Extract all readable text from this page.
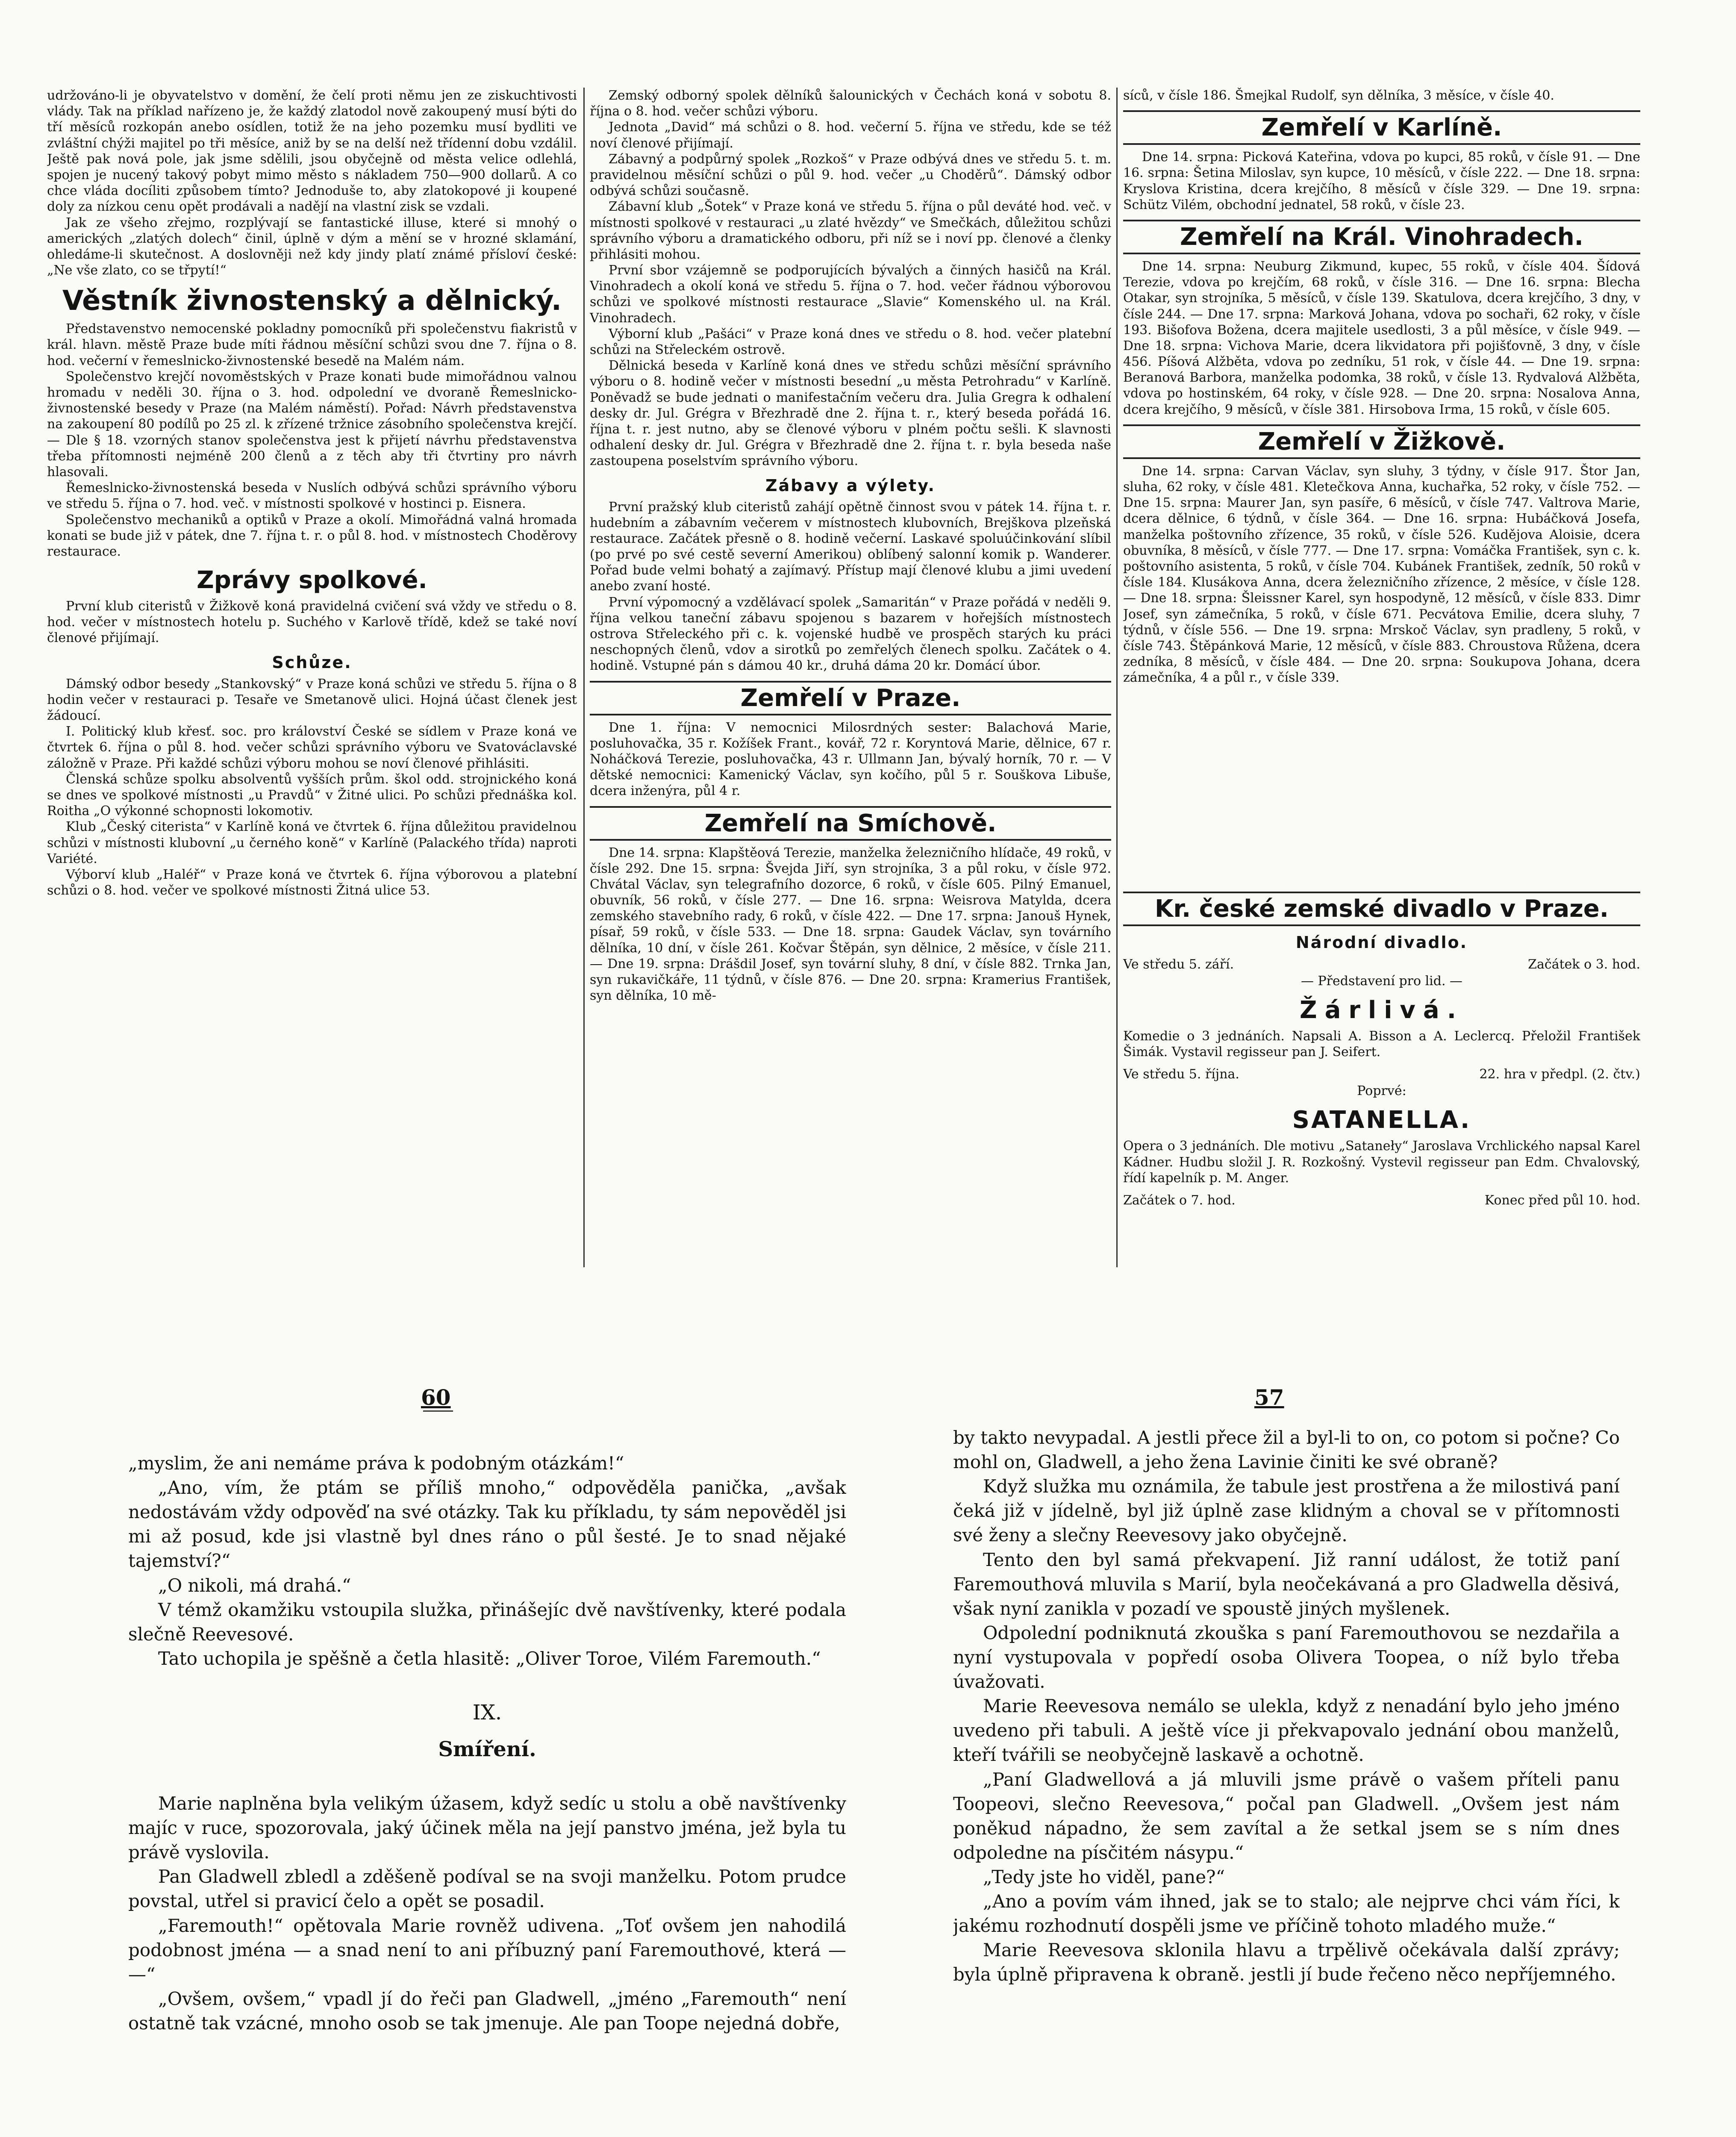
udržováno-li je obyvatelstvo v domění, že čelí proti němu jen ze ziskuchtivosti vlády. Tak na příklad nařízeno je, že každý zlatodol nově zakoupený musí býti do tří měsíců rozkopán anebo osídlen, totiž že na jeho pozemku musí bydliti ve zvláštní chýži majitel po tři měsíce, aniž by se na delší než třídenní dobu vzdálil. Ještě pak nová pole, jak jsme sdělili, jsou obyčejně od města velice odlehlá, spojen je nucený takový pobyt mimo město s nákladem 750—900 dollarů. A co chce vláda docíliti způsobem tímto? Jednoduše to, aby zlatokopové ji koupené doly za nízkou cenu opět prodávali a nadějí na vlastní zisk se vzdali.

Jak ze všeho zřejmo, rozplývají se fantastické illuse, které si mnohý o amerických „zlatých dolech“ činil, úplně v dým a mění se v hrozné sklamání, ohledáme-li skutečnost. A doslovněji než kdy jindy platí známé přísloví české: „Ne vše zlato, co se třpytí!“

Věstník živnostenský a dělnický.

Představenstvo nemocenské pokladny pomocníků při společenstvu fiakristů v král. hlavn. městě Praze bude míti řádnou měsíční schůzi svou dne 7. října o 8. hod. večerní v řemeslnicko-živnostenské besedě na Malém nám.

Společenstvo krejčí novoměstských v Praze konati bude mimořádnou valnou hromadu v neděli 30. října o 3. hod. odpolední ve dvoraně Řemeslnicko-živnostenské besedy v Praze (na Malém náměstí). Pořad: Návrh představenstva na zakoupení 80 podílů po 25 zl. k zřízené tržnice zásobního společenstva krejčí. — Dle § 18. vzorných stanov společenstva jest k přijetí návrhu představenstva třeba přítomnosti nejméně 200 členů a z těch aby tři čtvrtiny pro návrh hlasovali.

Řemeslnicko-živnostenská beseda v Nuslích odbývá schůzi správního výboru ve středu 5. října o 7. hod. več. v místnosti spolkové v hostinci p. Eisnera.

Společenstvo mechaniků a optiků v Praze a okolí. Mimořádná valná hromada konati se bude již v pátek, dne 7. října t. r. o půl 8. hod. v místnostech Choděrovy restaurace.

Zprávy spolkové.

První klub citeristů v Žižkově koná pravidelná cvičení svá vždy ve středu o 8. hod. večer v místnostech hotelu p. Suchého v Karlově třídě, kdež se také noví členové přijímají.

Schůze.

Dámský odbor besedy „Stankovský“ v Praze koná schůzi ve středu 5. října o 8 hodin večer v restauraci p. Tesaře ve Smetanově ulici. Hojná účast členek jest žádoucí.

I. Politický klub křesť. soc. pro království České se sídlem v Praze koná ve čtvrtek 6. října o půl 8. hod. večer schůzi správního výboru ve Svatováclavské záložně v Praze. Při každé schůzi výboru mohou se noví členové přihlásiti.

Členská schůze spolku absolventů vyšších prům. škol odd. strojnického koná se dnes ve spolkové místnosti „u Pravdů“ v Žitné ulici. Po schůzi přednáška kol. Roitha „O výkonné schopnosti lokomotiv.

Klub „Český citerista“ v Karlíně koná ve čtvrtek 6. října důležitou pravidelnou schůzi v místnosti klubovní „u černého koně“ v Karlíně (Palackého třída) naproti Variété.

Výborví klub „Haléř“ v Praze koná ve čtvrtek 6. října výborovou a platební schůzi o 8. hod. večer ve spolkové místnosti Žitná ulice 53.

Zemský odborný spolek dělníků šalounických v Čechách koná v sobotu 8. října o 8. hod. večer schůzi výboru.

Jednota „David“ má schůzi o 8. hod. večerní 5. října ve středu, kde se též noví členové přijímají.

Zábavný a podpůrný spolek „Rozkoš“ v Praze odbývá dnes ve středu 5. t. m. pravidelnou měsíční schůzi o půl 9. hod. večer „u Choděrů“. Dámský odbor odbývá schůzi současně.

Zábavní klub „Šotek“ v Praze koná ve středu 5. října o půl deváté hod. več. v místnosti spolkové v restauraci „u zlaté hvězdy“ ve Smečkách, důležitou schůzi správního výboru a dramatického odboru, při níž se i noví pp. členové a členky přihlásiti mohou.

První sbor vzájemně se podporujících bývalých a činných hasičů na Král. Vinohradech a okolí koná ve středu 5. října o 7. hod. večer řádnou výborovou schůzi ve spolkové místnosti restaurace „Slavie“ Komenského ul. na Král. Vinohradech.

Výborní klub „Pašáci“ v Praze koná dnes ve středu o 8. hod. večer platební schůzi na Střeleckém ostrově.

Dělnická beseda v Karlíně koná dnes ve středu schůzi měsíční správního výboru o 8. hodině večer v místnosti besední „u města Petrohradu“ v Karlíně. Poněvadž se bude jednati o manifestačním večeru dra. Julia Gregra k odhalení desky dr. Jul. Grégra v Březhradě dne 2. října t. r., který beseda pořádá 16. října t. r. jest nutno, aby se členové výboru v plném počtu sešli. K slavnosti odhalení desky dr. Jul. Grégra v Březhradě dne 2. října t. r. byla beseda naše zastoupena poselstvím správního výboru.

Zábavy a výlety.

První pražský klub citeristů zahájí opětně činnost svou v pátek 14. října t. r. hudebním a zábavním večerem v místnostech klubovních, Brejškova plzeňská restaurace. Začátek přesně o 8. hodině večerní. Laskavé spoluúčinkování slíbil (po prvé po své cestě severní Amerikou) oblíbený salonní komik p. Wanderer. Pořad bude velmi bohatý a zajímavý. Přístup mají členové klubu a jimi uvedení anebo zvaní hosté.

První výpomocný a vzdělávací spolek „Samaritán“ v Praze pořádá v neděli 9. října velkou taneční zábavu spojenou s bazarem v hořejších místnostech ostrova Střeleckého při c. k. vojenské hudbě ve prospěch starých ku práci neschopných členů, vdov a sirotků po zemřelých členech spolku. Začátek o 4. hodině. Vstupné pán s dámou 40 kr., druhá dáma 20 kr. Domácí úbor.

Zemřelí v Praze.

Dne 1. října: V nemocnici Milosrdných sester: Balachová Marie, posluhovačka, 35 r. Kožíšek Frant., kovář, 72 r. Koryntová Marie, dělnice, 67 r. Noháčková Terezie, posluhovačka, 43 r. Ullmann Jan, bývalý horník, 70 r. — V dětské nemocnici: Kamenický Václav, syn kočího, půl 5 r. Souškova Libuše, dcera inženýra, půl 4 r.

Zemřelí na Smíchově.

Dne 14. srpna: Klapštěová Terezie, manželka železničního hlídače, 49 roků, v čísle 292. Dne 15. srpna: Švejda Jiří, syn strojníka, 3 a půl roku, v čísle 972. Chvátal Václav, syn telegrafního dozorce, 6 roků, v čísle 605. Pilný Emanuel, obuvník, 56 roků, v čísle 277. — Dne 16. srpna: Weisrova Matylda, dcera zemského stavebního rady, 6 roků, v čísle 422. — Dne 17. srpna: Janouš Hynek, písař, 59 roků, v čísle 533. — Dne 18. srpna: Gaudek Václav, syn továrního dělníka, 10 dní, v čísle 261. Kočvar Štěpán, syn dělnice, 2 měsíce, v čísle 211. — Dne 19. srpna: Drášdil Josef, syn tovární sluhy, 8 dní, v čísle 882. Trnka Jan, syn rukavičkáře, 11 týdnů, v čísle 876. — Dne 20. srpna: Kramerius František, syn dělníka, 10 mě-

síců, v čísle 186. Šmejkal Rudolf, syn dělníka, 3 měsíce, v čísle 40.

Zemřelí v Karlíně.

Dne 14. srpna: Picková Kateřina, vdova po kupci, 85 roků, v čísle 91. — Dne 16. srpna: Šetina Miloslav, syn kupce, 10 měsíců, v čísle 222. — Dne 18. srpna: Kryslova Kristina, dcera krejčího, 8 měsíců v čísle 329. — Dne 19. srpna: Schütz Vilém, obchodní jednatel, 58 roků, v čísle 23.

Zemřelí na Král. Vinohradech.

Dne 14. srpna: Neuburg Zikmund, kupec, 55 roků, v čísle 404. Šídová Terezie, vdova po krejčím, 68 roků, v čísle 316. — Dne 16. srpna: Blecha Otakar, syn strojníka, 5 měsíců, v čísle 139. Skatulova, dcera krejčího, 3 dny, v čísle 244. — Dne 17. srpna: Marková Johana, vdova po sochaři, 62 roky, v čísle 193. Bišofova Božena, dcera majitele usedlosti, 3 a půl měsíce, v čísle 949. — Dne 18. srpna: Vichova Marie, dcera likvidatora při pojišťovně, 3 dny, v čísle 456. Píšová Alžběta, vdova po zedníku, 51 rok, v čísle 44. — Dne 19. srpna: Beranová Barbora, manželka podomka, 38 roků, v čísle 13. Rydvalová Alžběta, vdova po hostinském, 64 roky, v čísle 928. — Dne 20. srpna: Nosalova Anna, dcera krejčího, 9 měsíců, v čísle 381. Hirsobova Irma, 15 roků, v čísle 605.

Zemřelí v Žižkově.

Dne 14. srpna: Carvan Václav, syn sluhy, 3 týdny, v čísle 917. Štor Jan, sluha, 62 roky, v čísle 481. Kletečkova Anna, kuchařka, 52 roky, v čísle 752. — Dne 15. srpna: Maurer Jan, syn pasíře, 6 měsíců, v čísle 747. Valtrova Marie, dcera dělnice, 6 týdnů, v čísle 364. — Dne 16. srpna: Hubáčková Josefa, manželka poštovního zřízence, 35 roků, v čísle 526. Kudějova Aloisie, dcera obuvníka, 8 měsíců, v čísle 777. — Dne 17. srpna: Vomáčka František, syn c. k. poštovního asistenta, 5 roků, v čísle 704. Kubánek František, zedník, 50 roků v čísle 184. Klusákova Anna, dcera železničního zřízence, 2 měsíce, v čísle 128. — Dne 18. srpna: Šleissner Karel, syn hospodyně, 12 měsíců, v čísle 833. Dimr Josef, syn zámečníka, 5 roků, v čísle 671. Pecvátova Emilie, dcera sluhy, 7 týdnů, v čísle 556. — Dne 19. srpna: Mrskoč Václav, syn pradleny, 5 roků, v čísle 743. Štěpánková Marie, 12 měsíců, v čísle 883. Chroustova Růžena, dcera zedníka, 8 měsíců, v čísle 484. — Dne 20. srpna: Soukupova Johana, dcera zámečníka, 4 a půl r., v čísle 339.

Kr. české zemské divadlo v Praze.
Národní divadlo.
Ve středu 5. září.	Začátek o 3. hod.
— Představení pro lid. —
Žárlivá.

Komedie o 3 jednáních. Napsali A. Bisson a A. Leclercq. Přeložil František Šimák. Vystavil regisseur pan J. Seifert.

Ve středu 5. října.	22. hra v předpl. (2. čtv.)
Poprvé:
SATANELLA.

Opera o 3 jednáních. Dle motivu „Sataneły“ Jaroslava Vrchlického napsal Karel Kádner. Hudbu složil J. R. Rozkošný. Vystevil regisseur pan Edm. Chvalovský, řídí kapelník p. M. Anger.

Začátek o 7. hod.	Konec před půl 10. hod.
60	57

„myslim, že ani nemáme práva k podobným otázkám!“

„Ano, vím, že ptám se příliš mnoho,“ odpověděla panička, „avšak nedostávám vždy odpověď na své otázky. Tak ku příkladu, ty sám nepověděl jsi mi až posud, kde jsi vlastně byl dnes ráno o půl šesté. Je to snad nějaké tajemství?“

„O nikoli, má drahá.“

V témž okamžiku vstoupila služka, přinášejíc dvě navštívenky, které podala slečně Reevesové.

Tato uchopila je spěšně a četla hlasitě: „Oliver Toroe, Vilém Faremouth.“

IX.
Smíření.

Marie naplněna byla velikým úžasem, když sedíc u stolu a obě navštívenky majíc v ruce, spozorovala, jaký účinek měla na její panstvo jména, jež byla tu právě vyslovila.

Pan Gladwell zbledl a zděšeně podíval se na svoji manželku. Potom prudce povstal, utřel si pravicí čelo a opět se posadil.

„Faremouth!“ opětovala Marie rovněž udivena. „Toť ovšem jen nahodilá podobnost jména — a snad není to ani příbuzný paní Faremouthové, která — —“

„Ovšem, ovšem,“ vpadl jí do řeči pan Gladwell, „jméno „Faremouth“ není ostatně tak vzácné, mnoho osob se tak jmenuje. Ale pan Toope nejedná dobře,

by takto nevypadal. A jestli přece žil a byl-li to on, co potom si počne? Co mohl on, Gladwell, a jeho žena Lavinie činiti ke své obraně?

Když služka mu oznámila, že tabule jest prostřena a že milostivá paní čeká již v jídelně, byl již úplně zase klidným a choval se v přítomnosti své ženy a slečny Reevesovy jako obyčejně.

Tento den byl samá překvapení. Již ranní událost, že totiž paní Faremouthová mluvila s Marií, byla neočekávaná a pro Gladwella děsivá, však nyní zanikla v pozadí ve spoustě jiných myšlenek.

Odpolední podniknutá zkouška s paní Faremouthovou se nezdařila a nyní vystupovala v popředí osoba Olivera Toopea, o níž bylo třeba úvažovati.

Marie Reevesova nemálo se ulekla, když z nenadání bylo jeho jméno uvedeno při tabuli. A ještě více ji překvapovalo jednání obou manželů, kteří tvářili se neobyčejně laskavě a ochotně.

„Paní Gladwellová a já mluvili jsme právě o vašem příteli panu Toopeovi, slečno Reevesova,“ počal pan Gladwell. „Ovšem jest nám poněkud nápadno, že sem zavítal a že setkal jsem se s ním dnes odpoledne na písčitém násypu.“

„Tedy jste ho viděl, pane?“

„Ano a povím vám ihned, jak se to stalo; ale nejprve chci vám říci, k jakému rozhodnutí dospěli jsme ve příčině tohoto mladého muže.“

Marie Reevesova sklonila hlavu a trpělivě očekávala další zprávy; byla úplně připravena k obraně. jestli jí bude řečeno něco nepříjemného.
